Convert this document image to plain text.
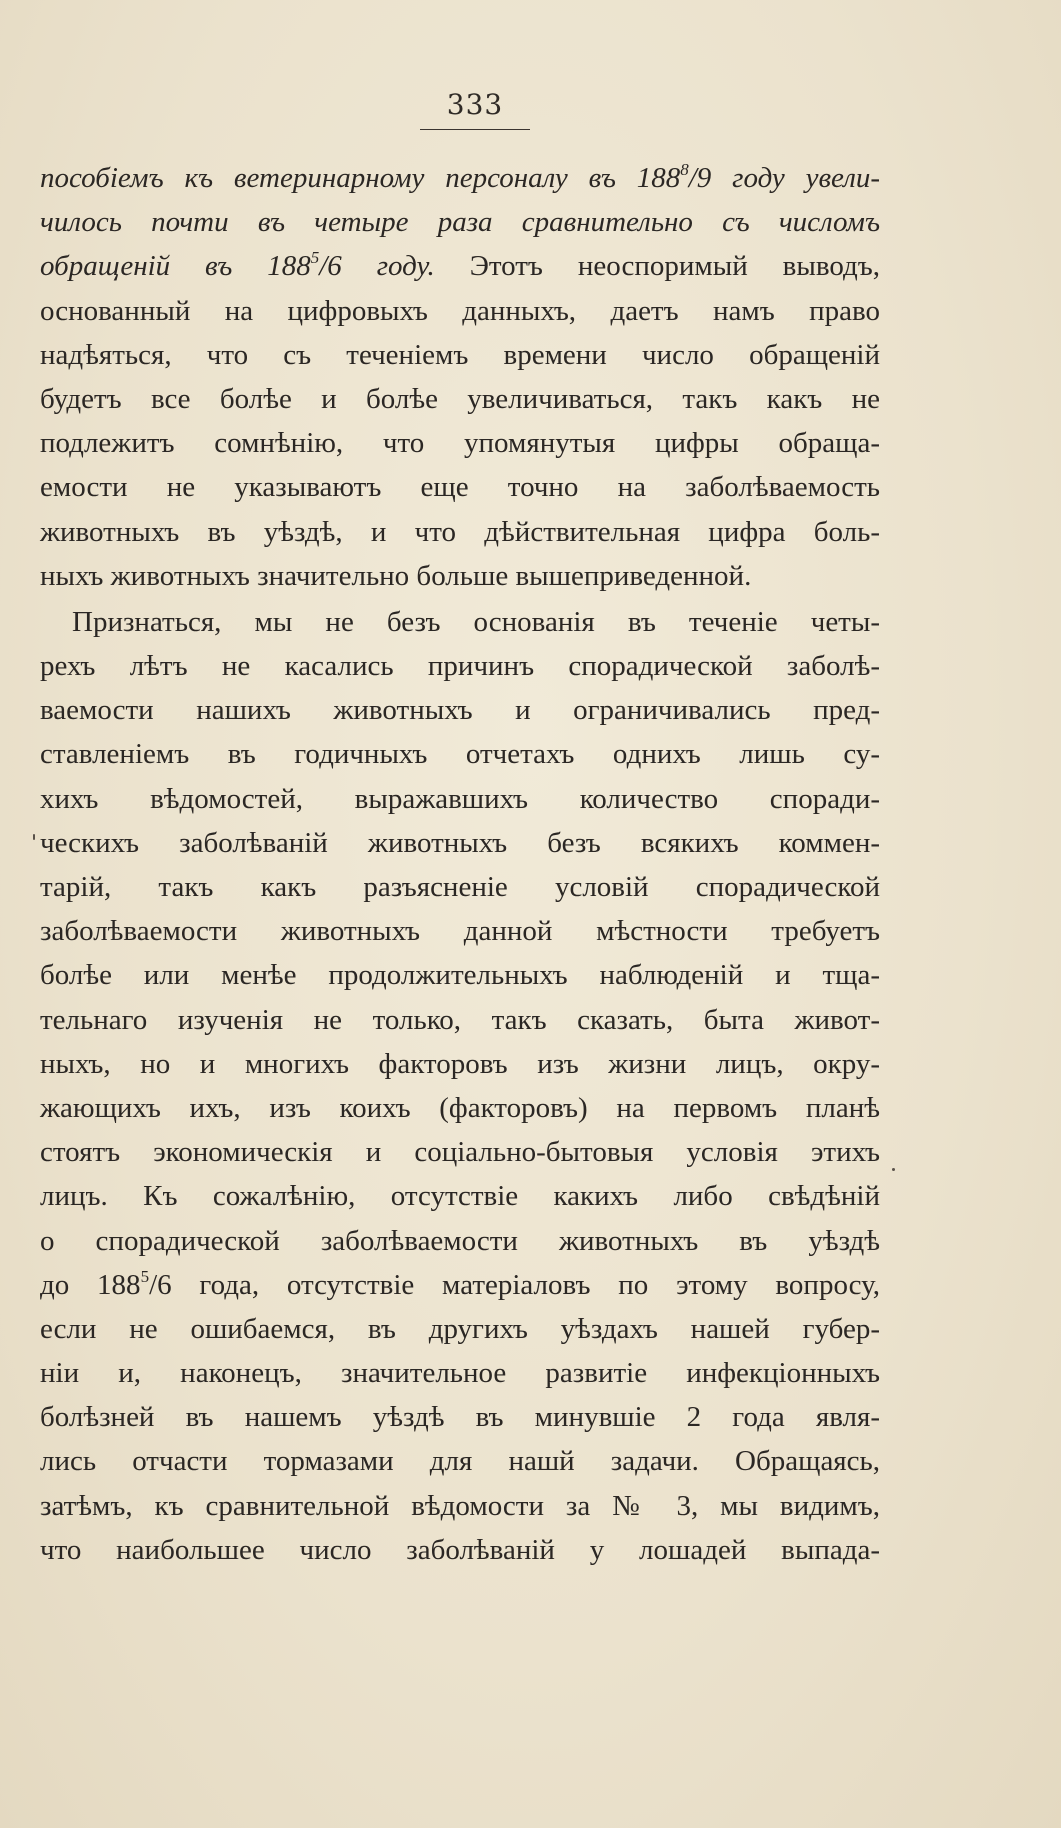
333
пособіемъ къ ветеринарному персоналу въ $188^8/9$ году увели-
чилось почти въ четыре раза сравнительно съ числомъ
обращеній въ $188^5/6$ году. Этотъ неоспоримый выводъ,
основанный на цифровыхъ данныхъ, даетъ намъ право
надѣяться, что съ теченіемъ времени число обращеній
будетъ все болѣе и болѣе увеличиваться, такъ какъ не
подлежитъ сомнѣнію, что упомянутыя цифры обраща-
емости не указываютъ еще точно на заболѣваемость
животныхъ въ уѣздѣ, и что дѣйствительная цифра боль-
ныхъ животныхъ значительно больше вышеприведенной.
Признаться, мы не безъ основанія въ теченіе четы-
рехъ лѣтъ не касались причинъ спорадической заболѣ-
ваемости нашихъ животныхъ и ограничивались пред-
ставленіемъ въ годичныхъ отчетахъ однихъ лишь су-
хихъ вѣдомостей, выражавшихъ количество споради-
ческихъ заболѣваній животныхъ безъ всякихъ коммен-
тарій, такъ какъ разъясненіе условій спорадической
заболѣваемости животныхъ данной мѣстности требуетъ
болѣе или менѣе продолжительныхъ наблюденій и тща-
тельнаго изученія не только, такъ сказать, быта живот-
ныхъ, но и многихъ факторовъ изъ жизни лицъ, окру-
жающихъ ихъ, изъ коихъ (факторовъ) на первомъ планѣ
стоятъ экономическія и соціально-бытовыя условія этихъ
лицъ. Къ сожалѣнію, отсутствіе какихъ либо свѣдѣній
о спорадической заболѣваемости животныхъ въ уѣздѣ
до $188^5/6$ года, отсутствіе матеріаловъ по этому вопросу,
если не ошибаемся, въ другихъ уѣздахъ нашей губер-
ніи и, наконецъ, значительное развитіе инфекціонныхъ
болѣзней въ нашемъ уѣздѣ въ минувшіе 2 года явля-
лись отчасти тормазами для нашй задачи. Обращаясь,
затѣмъ, къ сравнительной вѣдомости за № 3, мы видимъ,
что наибольшее число заболѣваній у лошадей выпада-
